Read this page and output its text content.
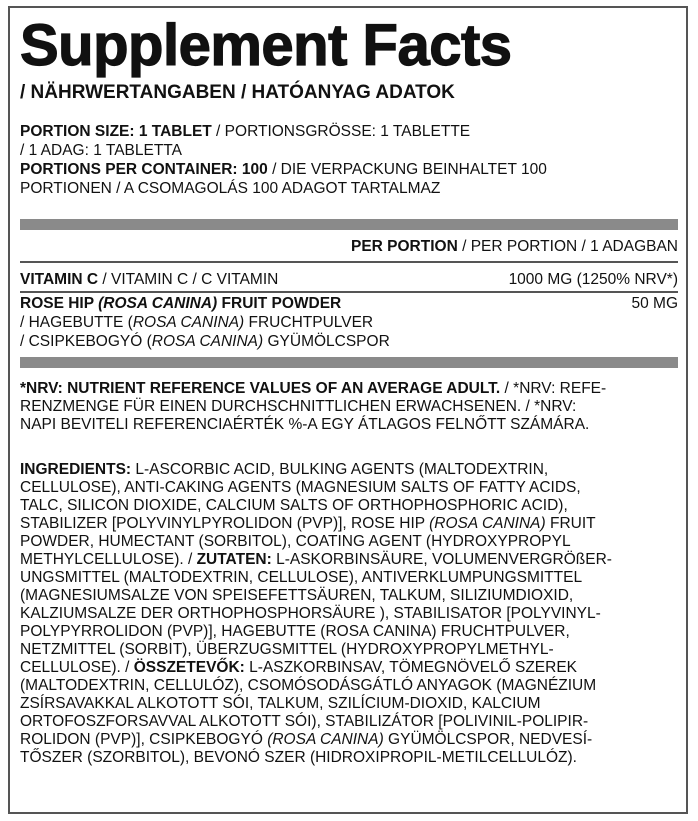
Supplement Facts
/ NÄHRWERTANGABEN / HATÓANYAG ADATOK
PORTION SIZE: 1 TABLET / PORTIONSGRÖSSE: 1 TABLETTE
/ 1 ADAG: 1 TABLETTA
PORTIONS PER CONTAINER: 100 / DIE VERPACKUNG BEINHALTET 100
PORTIONEN / A CSOMAGOLÁS 100 ADAGOT TARTALMAZ
PER PORTION / PER PORTION / 1 ADAGBAN
VITAMIN C / VITAMIN C / C VITAMIN	1000 MG (1250% NRV*)
ROSE HIP (ROSA CANINA) FRUIT POWDER	50 MG
/ HAGEBUTTE (ROSA CANINA) FRUCHTPULVER
/ CSIPKEBOGYÓ (ROSA CANINA) GYÜMÖLCSPOR
*NRV: NUTRIENT REFERENCE VALUES OF AN AVERAGE ADULT. / *NRV: REFE-
RENZMENGE FÜR EINEN DURCHSCHNITTLICHEN ERWACHSENEN. / *NRV:
NAPI BEVITELI REFERENCIAÉRTÉK %-A EGY ÁTLAGOS FELNŐTT SZÁMÁRA.
INGREDIENTS: L-ASCORBIC ACID, BULKING AGENTS (MALTODEXTRIN,
CELLULOSE), ANTI-CAKING AGENTS (MAGNESIUM SALTS OF FATTY ACIDS,
TALC, SILICON DIOXIDE, CALCIUM SALTS OF ORTHOPHOSPHORIC ACID),
STABILIZER [POLYVINYLPYROLIDON (PVP)], ROSE HIP (ROSA CANINA) FRUIT
POWDER, HUMECTANT (SORBITOL), COATING AGENT (HYDROXYPROPYL
METHYLCELLULOSE). / ZUTATEN: L-ASKORBINSÄURE, VOLUMENVERGRÖßER-
UNGSMITTEL (MALTODEXTRIN, CELLULOSE), ANTIVERKLUMPUNGSMITTEL
(MAGNESIUMSALZE VON SPEISEFETTSÄUREN, TALKUM, SILIZIUMDIOXID,
KALZIUMSALZE DER ORTHOPHOSPHORSÄURE ), STABILISATOR [POLYVINYL-
POLYPYRROLIDON (PVP)], HAGEBUTTE (ROSA CANINA) FRUCHTPULVER,
NETZMITTEL (SORBIT), ÜBERZUGSMITTEL (HYDROXYPROPYLMETHYL-
CELLULOSE). / ÖSSZETEVŐK: L-ASZKORBINSAV, TÖMEGNÖVELŐ SZEREK
(MALTODEXTRIN, CELLULÓZ), CSOMÓSODÁSGÁTLÓ ANYAGOK (MAGNÉZIUM
ZSÍRSAVAKKAL ALKOTOTT SÓI, TALKUM, SZILÍCIUM-DIOXID, KALCIUM
ORTOFOSZFORSAVVAL ALKOTOTT SÓI), STABILIZÁTOR [POLIVINIL-POLIPIR-
ROLIDON (PVP)], CSIPKEBOGYÓ (ROSA CANINA) GYÜMÖLCSPOR, NEDVESÍ-
TŐSZER (SZORBITOL), BEVONÓ SZER (HIDROXIPROPIL-METILCELLULÓZ).
